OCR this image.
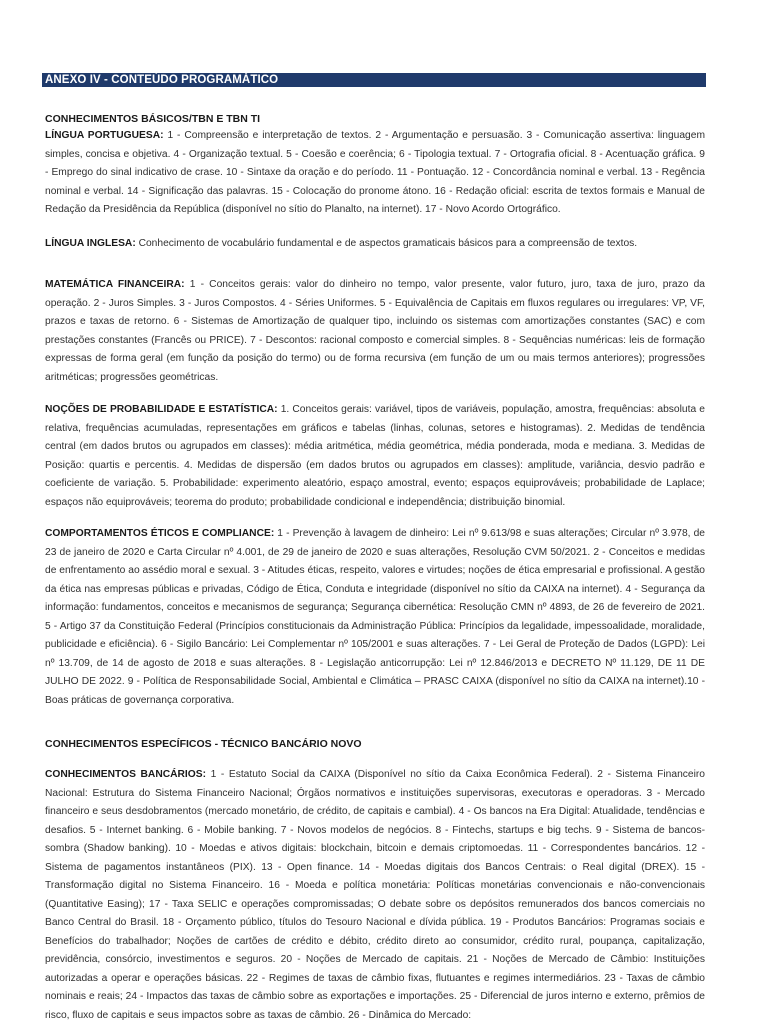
ANEXO IV - CONTEÚDO PROGRAMÁTICO
CONHECIMENTOS BÁSICOS/TBN E TBN TI
LÍNGUA PORTUGUESA: 1 - Compreensão e interpretação de textos. 2 - Argumentação e persuasão. 3 - Comunicação assertiva: linguagem simples, concisa e objetiva. 4 - Organização textual. 5 - Coesão e coerência; 6 - Tipologia textual. 7 - Ortografia oficial. 8 - Acentuação gráfica. 9 - Emprego do sinal indicativo de crase. 10 - Sintaxe da oração e do período. 11 - Pontuação. 12 - Concordância nominal e verbal. 13 - Regência nominal e verbal. 14 - Significação das palavras. 15 - Colocação do pronome átono. 16 - Redação oficial: escrita de textos formais e Manual de Redação da Presidência da República (disponível no sítio do Planalto, na internet). 17 - Novo Acordo Ortográfico.
LÍNGUA INGLESA: Conhecimento de vocabulário fundamental e de aspectos gramaticais básicos para a compreensão de textos.
MATEMÁTICA FINANCEIRA: 1 - Conceitos gerais: valor do dinheiro no tempo, valor presente, valor futuro, juro, taxa de juro, prazo da operação. 2 - Juros Simples. 3 - Juros Compostos. 4 - Séries Uniformes. 5 - Equivalência de Capitais em fluxos regulares ou irregulares: VP, VF, prazos e taxas de retorno. 6 - Sistemas de Amortização de qualquer tipo, incluindo os sistemas com amortizações constantes (SAC) e com prestações constantes (Francês ou PRICE). 7 - Descontos: racional composto e comercial simples. 8 - Sequências numéricas: leis de formação expressas de forma geral (em função da posição do termo) ou de forma recursiva (em função de um ou mais termos anteriores); progressões aritméticas; progressões geométricas.
NOÇÕES DE PROBABILIDADE E ESTATÍSTICA: 1. Conceitos gerais: variável, tipos de variáveis, população, amostra, frequências: absoluta e relativa, frequências acumuladas, representações em gráficos e tabelas (linhas, colunas, setores e histogramas). 2. Medidas de tendência central (em dados brutos ou agrupados em classes): média aritmética, média geométrica, média ponderada, moda e mediana. 3. Medidas de Posição: quartis e percentis. 4. Medidas de dispersão (em dados brutos ou agrupados em classes): amplitude, variância, desvio padrão e coeficiente de variação. 5. Probabilidade: experimento aleatório, espaço amostral, evento; espaços equiprováveis; probabilidade de Laplace; espaços não equiprováveis; teorema do produto; probabilidade condicional e independência; distribuição binomial.
COMPORTAMENTOS ÉTICOS E COMPLIANCE: 1 - Prevenção à lavagem de dinheiro: Lei nº 9.613/98 e suas alterações; Circular nº 3.978, de 23 de janeiro de 2020 e Carta Circular nº 4.001, de 29 de janeiro de 2020 e suas alterações, Resolução CVM 50/2021. 2 - Conceitos e medidas de enfrentamento ao assédio moral e sexual. 3 - Atitudes éticas, respeito, valores e virtudes; noções de ética empresarial e profissional. A gestão da ética nas empresas públicas e privadas, Código de Ética, Conduta e integridade (disponível no sítio da CAIXA na internet). 4 - Segurança da informação: fundamentos, conceitos e mecanismos de segurança; Segurança cibernética: Resolução CMN nº 4893, de 26 de fevereiro de 2021. 5 - Artigo 37 da Constituição Federal (Princípios constitucionais da Administração Pública: Princípios da legalidade, impessoalidade, moralidade, publicidade e eficiência). 6 - Sigilo Bancário: Lei Complementar nº 105/2001 e suas alterações. 7 - Lei Geral de Proteção de Dados (LGPD): Lei nº 13.709, de 14 de agosto de 2018 e suas alterações. 8 - Legislação anticorrupção: Lei nº 12.846/2013 e DECRETO Nº 11.129, DE 11 DE JULHO DE 2022. 9 - Política de Responsabilidade Social, Ambiental e Climática – PRASC CAIXA (disponível no sítio da CAIXA na internet).10 - Boas práticas de governança corporativa.
CONHECIMENTOS ESPECÍFICOS - TÉCNICO BANCÁRIO NOVO
CONHECIMENTOS BANCÁRIOS: 1 - Estatuto Social da CAIXA (Disponível no sítio da Caixa Econômica Federal). 2 - Sistema Financeiro Nacional: Estrutura do Sistema Financeiro Nacional; Órgãos normativos e instituições supervisoras, executoras e operadoras. 3 - Mercado financeiro e seus desdobramentos (mercado monetário, de crédito, de capitais e cambial). 4 - Os bancos na Era Digital: Atualidade, tendências e desafios. 5 - Internet banking. 6 - Mobile banking. 7 - Novos modelos de negócios. 8 - Fintechs, startups e big techs. 9 - Sistema de bancos-sombra (Shadow banking). 10 - Moedas e ativos digitais: blockchain, bitcoin e demais criptomoedas. 11 - Correspondentes bancários. 12 - Sistema de pagamentos instantâneos (PIX). 13 - Open finance. 14 - Moedas digitais dos Bancos Centrais: o Real digital (DREX). 15 - Transformação digital no Sistema Financeiro. 16 - Moeda e política monetária: Políticas monetárias convencionais e não-convencionais (Quantitative Easing); 17 - Taxa SELIC e operações compromissadas; O debate sobre os depósitos remunerados dos bancos comerciais no Banco Central do Brasil. 18 - Orçamento público, títulos do Tesouro Nacional e dívida pública. 19 - Produtos Bancários: Programas sociais e Benefícios do trabalhador; Noções de cartões de crédito e débito, crédito direto ao consumidor, crédito rural, poupança, capitalização, previdência, consórcio, investimentos e seguros. 20 - Noções de Mercado de capitais. 21 - Noções de Mercado de Câmbio: Instituições autorizadas a operar e operações básicas. 22 - Regimes de taxas de câmbio fixas, flutuantes e regimes intermediários. 23 - Taxas de câmbio nominais e reais; 24 - Impactos das taxas de câmbio sobre as exportações e importações. 25 - Diferencial de juros interno e externo, prêmios de risco, fluxo de capitais e seus impactos sobre as taxas de câmbio. 26 - Dinâmica do Mercado:
